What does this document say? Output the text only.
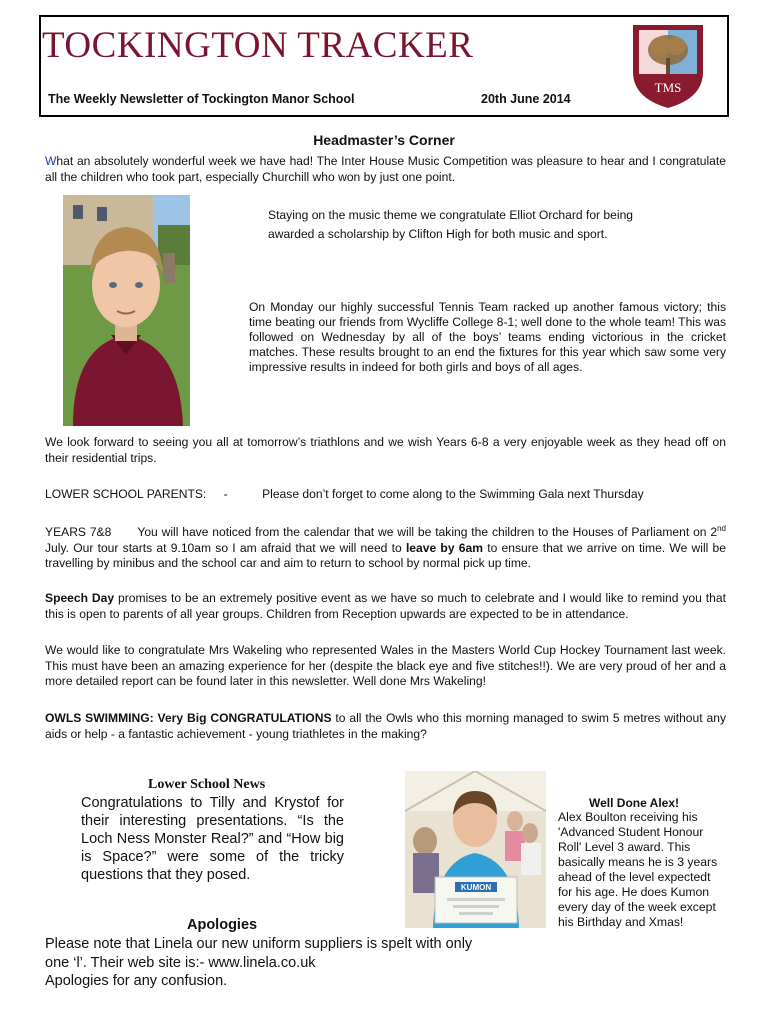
TOCKINGTON TRACKER
The Weekly Newsletter of Tockington Manor School	20th June 2014
TMS
Headmaster’s Corner
What an absolutely wonderful week we have had! The Inter House Music Competition was pleasure to hear and I congratulate all the children who took part, especially Churchill who won by just one point.
Staying on the music theme we congratulate Elliot Orchard for being awarded a scholarship by Clifton High for both music and sport.
On Monday our highly successful Tennis Team racked up another famous victory; this time beating our friends from Wycliffe College 8-1; well done to the whole team! This was followed on Wednesday by all of the boys’ teams ending victorious in the cricket matches. These results brought to an end the fixtures for this year which saw some very impressive results in indeed for both girls and boys of all ages.
We look forward to seeing you all at tomorrow’s triathlons and we wish Years 6-8 a very enjoyable week as they head off on their residential trips.
LOWER SCHOOL PARENTS: -	Please don’t forget to come along to the Swimming Gala next Thursday
YEARS 7&8 You will have noticed from the calendar that we will be taking the children to the Houses of Parliament on 2nd July. Our tour starts at 9.10am so I am afraid that we will need to leave by 6am to ensure that we arrive on time. We will be travelling by minibus and the school car and aim to return to school by normal pick up time.
Speech Day promises to be an extremely positive event as we have so much to celebrate and I would like to remind you that this is open to parents of all year groups. Children from Reception upwards are expected to be in attendance.
We would like to congratulate Mrs Wakeling who represented Wales in the Masters World Cup Hockey Tournament last week. This must have been an amazing experience for her (despite the black eye and five stitches!!). We are very proud of her and a more detailed report can be found later in this newsletter. Well done Mrs Wakeling!
OWLS SWIMMING: Very Big CONGRATULATIONS to all the Owls who this morning managed to swim 5 metres without any aids or help - a fantastic achievement - young triathletes in the making?
Lower School News
Congratulations to Tilly and Krystof for their interesting presentations. “Is the Loch Ness Monster Real?” and “How big is Space?” were some of the tricky questions that they posed.
KUMON
Well Done Alex!
Alex Boulton receiving his 'Advanced Student Honour Roll' Level 3 award. This basically means he is 3 years ahead of the level expectedt for his age. He does Kumon every day of the week except his Birthday and Xmas!
Apologies
Please note that Linela our new uniform suppliers is spelt with only one ‘l’. Their web site is:- www.linela.co.uk
Apologies for any confusion.
